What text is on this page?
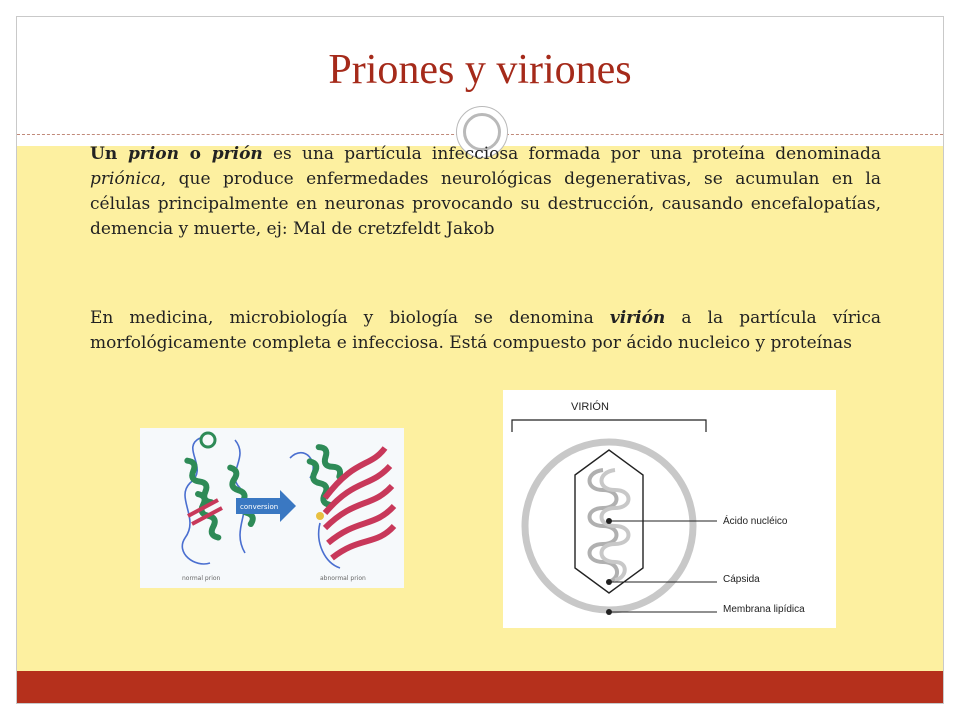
Priones y viriones

Un prion o prión es una partícula infecciosa formada por una proteína denominada priónica, que produce enfermedades neurológicas degenerativas, se acumulan en la células principalmente en neuronas provocando su destrucción, causando encefalopatías, demencia y muerte, ej: Mal de cretzfeldt Jakob

En medicina, microbiología y biología se denomina virión a la partícula vírica morfológicamente completa e infecciosa. Está compuesto por ácido nucleico y proteínas

conversion
normal prion	abnormal prion
VIRIÓN
Ácido nucléico
Cápsida
Membrana lipídica
